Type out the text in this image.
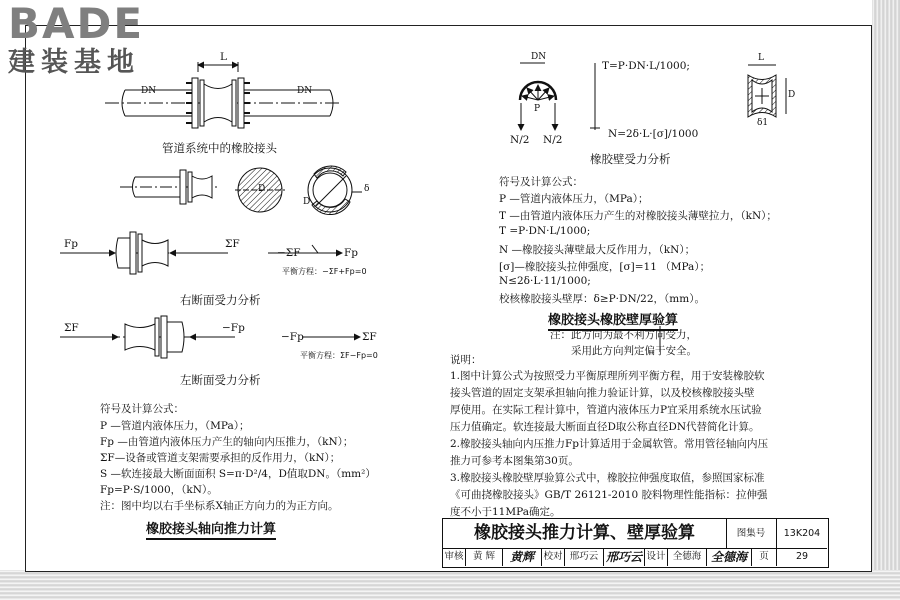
BADE
建装基地	L
DN	DN
D
D
δ
Fp	ΣF
−ΣF	Fp
平衡方程：−ΣF+Fp=0
ΣF	−Fp
−Fp	ΣF
平衡方程：ΣF−Fp=0
DN
P
N/2 N/2
T=P·DN·L/1000;
N=2δ·L·[σ]/1000
L
D
δ1
管道系统中的橡胶接头
右断面受力分析
左断面受力分析
橡胶壁受力分析
符号及计算公式：
P —管道内液体压力，（MPa）；
Fp —由管道内液体压力产生的轴向内压推力，（kN）；
ΣF—设备或管道支架需要承担的反作用力，（kN）；
S —软连接最大断面面积 S=π·D²/4，D值取DN。（mm²）
Fp=P·S/1000，（kN）。
注：图中均以右手坐标系X轴正方向力的为正方向。
橡胶接头轴向推力计算
符号及计算公式：
P —管道内液体压力，（MPa）；
T —由管道内液体压力产生的对橡胶接头薄壁拉力，（kN）；
T =P·DN·L/1000;
N —橡胶接头薄壁最大反作用力，（kN）；
[σ]—橡胶接头拉伸强度，[σ]=11 （MPa）；
N≤2δ·L·11/1000;
校核橡胶接头壁厚：δ≥P·DN/22，（mm）。
橡胶接头橡胶壁厚验算
注：此方向为最不利方向受力，
采用此方向判定偏于安全。
说明：
1.图中计算公式为按照受力平衡原理所列平衡方程，用于安装橡胶软
接头管道的固定支架承担轴向推力验证计算，以及校核橡胶接头壁
厚使用。在实际工程计算中，管道内液体压力P宜采用系统水压试验
压力值确定。软连接最大断面直径D取公称直径DN代替简化计算。
2.橡胶接头轴向内压推力Fp计算适用于金属软管。常用管径轴向内压
推力可参考本图集第30页。
3.橡胶接头橡胶壁厚验算公式中，橡胶拉伸强度取值，参照国家标准
《可曲挠橡胶接头》GB/T 26121-2010 胶料物理性能指标：拉伸强
度不小于11MPa确定。
橡胶接头推力计算、壁厚验算	图集号	13K204
审核 黄 辉	黄辉 校对 邢巧云 邢巧云 设计 全德海 全德海	页	29
